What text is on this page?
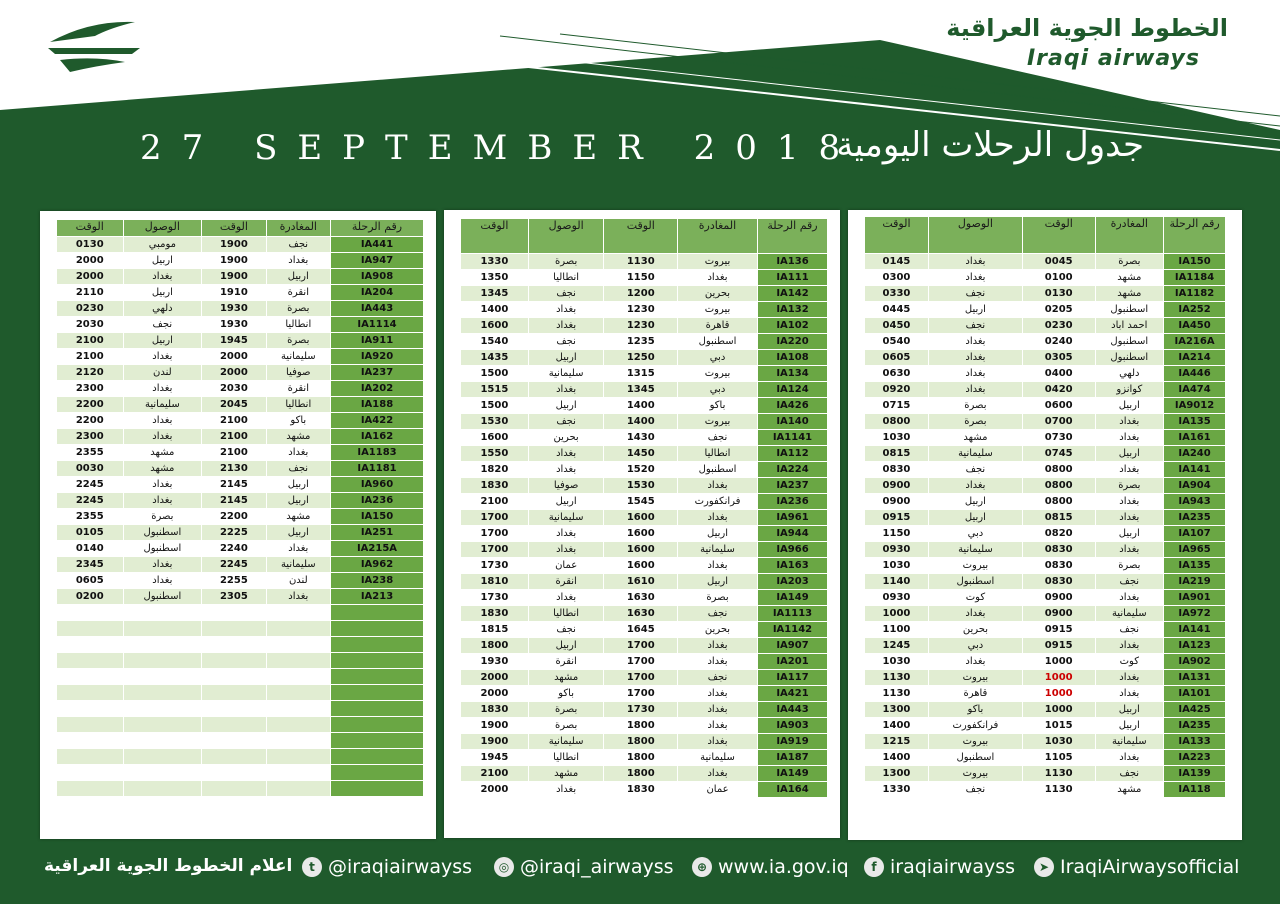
الخطوط الجوية العراقية
Iraqi airways
27 SEPTEMBER 2018
جدول الرحلات اليومية
رقم الرحلة	المغادرة	الوقت	الوصول	الوقت
IA441	نجف	1900	مومبي	0130
IA947	بغداد	1900	اربيل	2000
IA908	اربيل	1900	بغداد	2000
IA204	انقرة	1910	اربيل	2110
IA443	بصرة	1930	دلهي	0230
IA1114	انطاليا	1930	نجف	2030
IA911	بصرة	1945	اربيل	2100
IA920	سليمانية	2000	بغداد	2100
IA237	صوفيا	2000	لندن	2120
IA202	انقرة	2030	بغداد	2300
IA188	انطاليا	2045	سليمانية	2200
IA422	باكو	2100	بغداد	2200
IA162	مشهد	2100	بغداد	2300
IA1183	بغداد	2100	مشهد	2355
IA1181	نجف	2130	مشهد	0030
IA960	اربيل	2145	بغداد	2245
IA236	اربيل	2145	بغداد	2245
IA150	مشهد	2200	بصرة	2355
IA251	اربيل	2225	اسطنبول	0105
IA215A	بغداد	2240	اسطنبول	0140
IA962	سليمانية	2245	بغداد	2345
IA238	لندن	2255	بغداد	0605
IA213	بغداد	2305	اسطنبول	0200

رقم الرحلة	المغادرة	الوقت	الوصول	الوقت
IA136	بيروت	1130	بصرة	1330
IA111	بغداد	1150	انطاليا	1350
IA142	بحرين	1200	نجف	1345
IA132	بيروت	1230	بغداد	1400
IA102	قاهرة	1230	بغداد	1600
IA220	اسطنبول	1235	نجف	1540
IA108	دبي	1250	اربيل	1435
IA134	بيروت	1315	سليمانية	1500
IA124	دبي	1345	بغداد	1515
IA426	باكو	1400	اربيل	1500
IA140	بيروت	1400	نجف	1530
IA1141	نجف	1430	بحرين	1600
IA112	انطاليا	1450	بغداد	1550
IA224	اسطنبول	1520	بغداد	1820
IA237	بغداد	1530	صوفيا	1830
IA236	فرانكفورت	1545	اربيل	2100
IA961	بغداد	1600	سليمانية	1700
IA944	اربيل	1600	بغداد	1700
IA966	سليمانية	1600	بغداد	1700
IA163	بغداد	1600	عمان	1730
IA203	اربيل	1610	انقرة	1810
IA149	بصرة	1630	بغداد	1730
IA1113	نجف	1630	انطاليا	1830
IA1142	بحرين	1645	نجف	1815
IA907	بغداد	1700	اربيل	1800
IA201	بغداد	1700	انقرة	1930
IA117	نجف	1700	مشهد	2000
IA421	بغداد	1700	باكو	2000
IA443	بغداد	1730	بصرة	1830
IA903	بغداد	1800	بصرة	1900
IA919	بغداد	1800	سليمانية	1900
IA187	سليمانية	1800	انطاليا	1945
IA149	بغداد	1800	مشهد	2100
IA164	عمان	1830	بغداد	2000
رقم الرحلة	المغادرة	الوقت	الوصول	الوقت
IA150	بصرة	0045	بغداد	0145
IA1184	مشهد	0100	بغداد	0300
IA1182	مشهد	0130	نجف	0330
IA252	اسطنبول	0205	اربيل	0445
IA450	احمد اباد	0230	نجف	0450
IA216A	اسطنبول	0240	بغداد	0540
IA214	اسطنبول	0305	بغداد	0605
IA446	دلهي	0400	بغداد	0630
IA474	كوانزو	0420	بغداد	0920
IA9012	اربيل	0600	بصرة	0715
IA135	بغداد	0700	بصرة	0800
IA161	بغداد	0730	مشهد	1030
IA240	اربيل	0745	سليمانية	0815
IA141	بغداد	0800	نجف	0830
IA904	بصرة	0800	بغداد	0900
IA943	بغداد	0800	اربيل	0900
IA235	بغداد	0815	اربيل	0915
IA107	اربيل	0820	دبي	1150
IA965	بغداد	0830	سليمانية	0930
IA135	بصرة	0830	بيروت	1030
IA219	نجف	0830	اسطنبول	1140
IA901	بغداد	0900	كوت	0930
IA972	سليمانية	0900	بغداد	1000
IA141	نجف	0915	بحرين	1100
IA123	بغداد	0915	دبي	1245
IA902	كوت	1000	بغداد	1030
IA131	بغداد	1000	بيروت	1130
IA101	بغداد	1000	قاهرة	1130
IA425	اربيل	1000	باكو	1300
IA235	اربيل	1015	فرانكفورت	1400
IA133	سليمانية	1030	بيروت	1215
IA223	بغداد	1105	اسطنبول	1400
IA139	نجف	1130	بيروت	1300
IA118	مشهد	1130	نجف	1330
اعلام الخطوط الجوية العراقية	t @iraqiairwayss	◎ @iraqi_airwayss	⊕ www.ia.gov.iq	f iraqiairwayss	➤ IraqiAirwaysofficial
